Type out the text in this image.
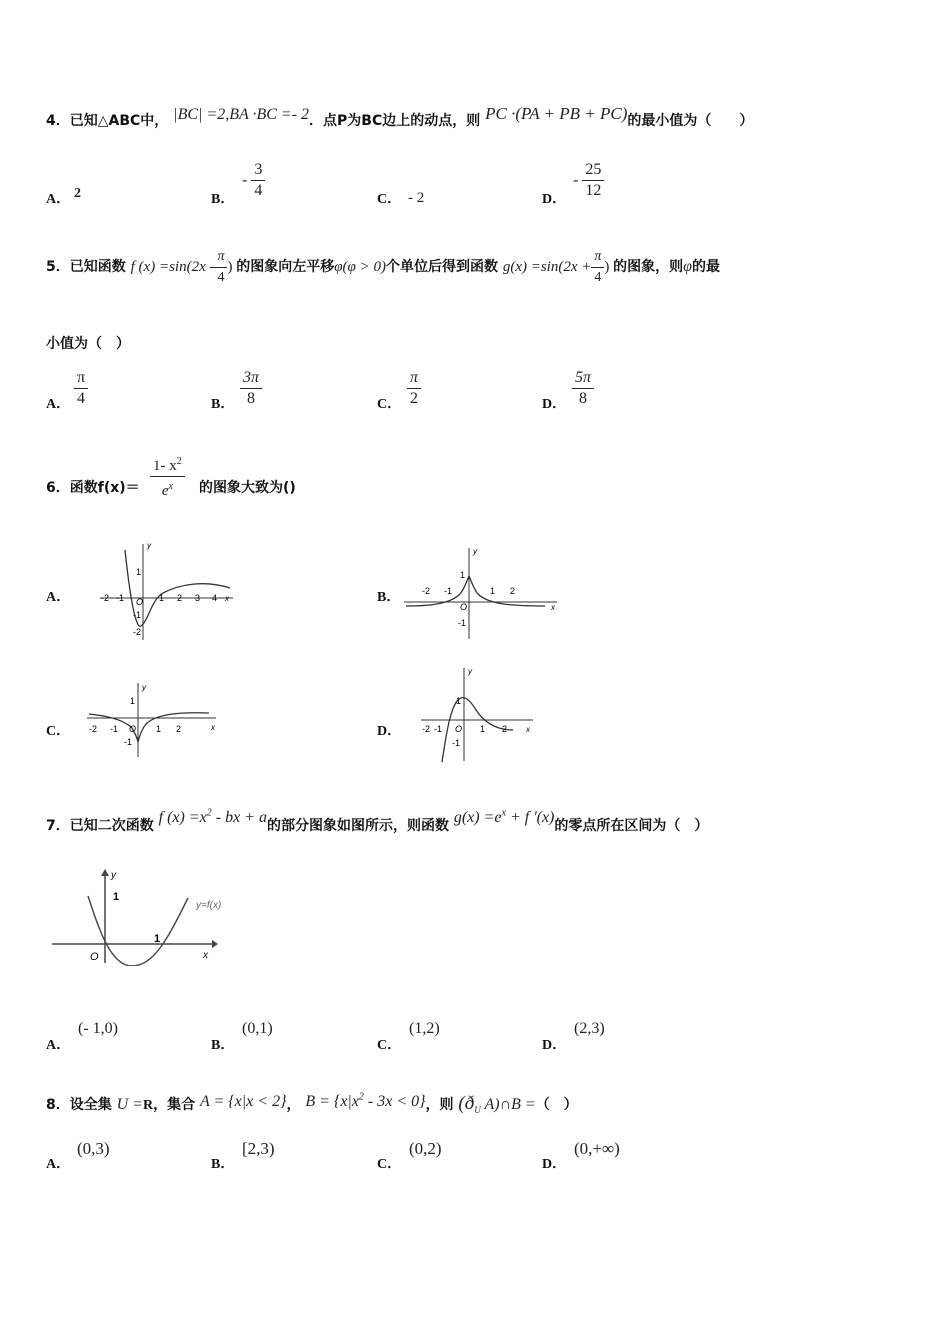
4．已知△ABC中， |BC| =2,BA ·BC =- 2．点P为BC边上的动点，则 PC ·(PA + PB + PC)的最小值为（　　）
A． 2	B．
- $\frac{3}{4}$	C． - 2	D．
- $\frac{25}{12}$
5．已知函数 f $(x) =\sin(2x - \frac{\pi}{4}$ ) 的图象向左平移φ(φ > 0)个单位后得到函数 $g(x) =\sin(2x + \frac{\pi}{4}$ ) 的图象，则φ的最
小值为（　）
A． $\frac{\pi}{4}$	B． $\frac{3\pi}{8}$	C． $\frac{\pi}{2}$	D． $\frac{5\pi}{8}$
6．函数$f(x)= \frac{1- x^2}{e^x}$ 的图象大致为()
A．
y
x
-2 -1 O 1 2 3 4
1
-1
-2
B．
y
x
-2 -1
O
1 2
1
-1
C．
y
x
-2 -1 O 1 2
1
-1
D．
y
x
-2 -1 O 1 2
1
-1
7．已知二次函数 f $(x) =x^2$ - bx + a的部分图象如图所示，则函数 $g(x) =e^x + f$ '(x)的零点所在区间为（　）
y
1
1
O	x
y=f(x)
A．
(- 1,0)
B．
(0,1)
C．
(1,2)
D．
(2,3)
8．设全集 U =R，集合 A = {x|x < 2}， $B = \{x|x^2 - 3x < 0\}$，则 ($ð_U$ A)∩B =（　）
A．
(0,3)
B．
[2,3)
C．
(0,2)
D．
(0,+∞)
